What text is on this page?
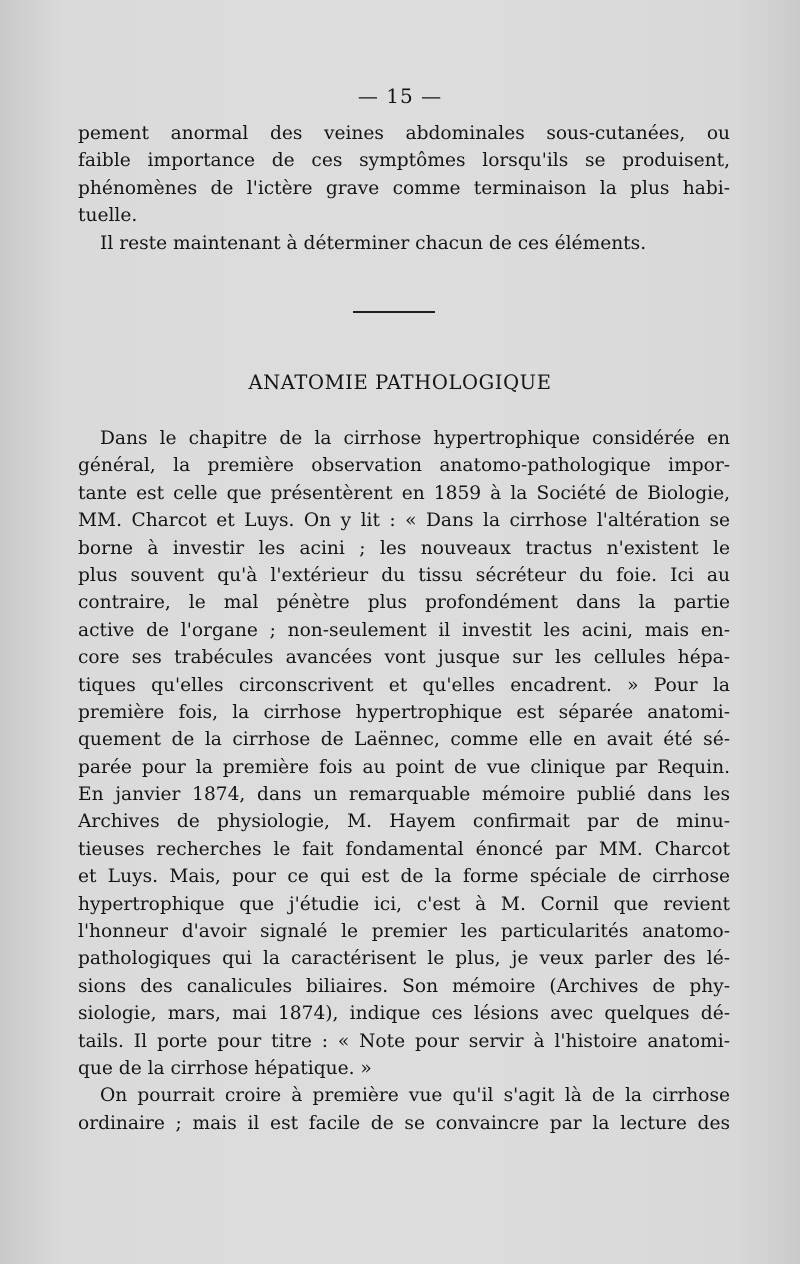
— 15 —
pement anormal des veines abdominales sous-cutanées, ou
faible importance de ces symptômes lorsqu'ils se produisent,
phénomènes de l'ictère grave comme terminaison la plus habi-
tuelle.
Il reste maintenant à déterminer chacun de ces éléments.
ANATOMIE PATHOLOGIQUE
Dans le chapitre de la cirrhose hypertrophique considérée en
général, la première observation anatomo-pathologique impor-
tante est celle que présentèrent en 1859 à la Société de Biologie,
MM. Charcot et Luys. On y lit : « Dans la cirrhose l'altération se
borne à investir les acini ; les nouveaux tractus n'existent le
plus souvent qu'à l'extérieur du tissu sécréteur du foie. Ici au
contraire, le mal pénètre plus profondément dans la partie
active de l'organe ; non-seulement il investit les acini, mais en-
core ses trabécules avancées vont jusque sur les cellules hépa-
tiques qu'elles circonscrivent et qu'elles encadrent. » Pour la
première fois, la cirrhose hypertrophique est séparée anatomi-
quement de la cirrhose de Laënnec, comme elle en avait été sé-
parée pour la première fois au point de vue clinique par Requin.
En janvier 1874, dans un remarquable mémoire publié dans les
Archives de physiologie, M. Hayem confirmait par de minu-
tieuses recherches le fait fondamental énoncé par MM. Charcot
et Luys. Mais, pour ce qui est de la forme spéciale de cirrhose
hypertrophique que j'étudie ici, c'est à M. Cornil que revient
l'honneur d'avoir signalé le premier les particularités anatomo-
pathologiques qui la caractérisent le plus, je veux parler des lé-
sions des canalicules biliaires. Son mémoire (Archives de phy-
siologie, mars, mai 1874), indique ces lésions avec quelques dé-
tails. Il porte pour titre : « Note pour servir à l'histoire anatomi-
que de la cirrhose hépatique. »
On pourrait croire à première vue qu'il s'agit là de la cirrhose
ordinaire ; mais il est facile de se convaincre par la lecture des
